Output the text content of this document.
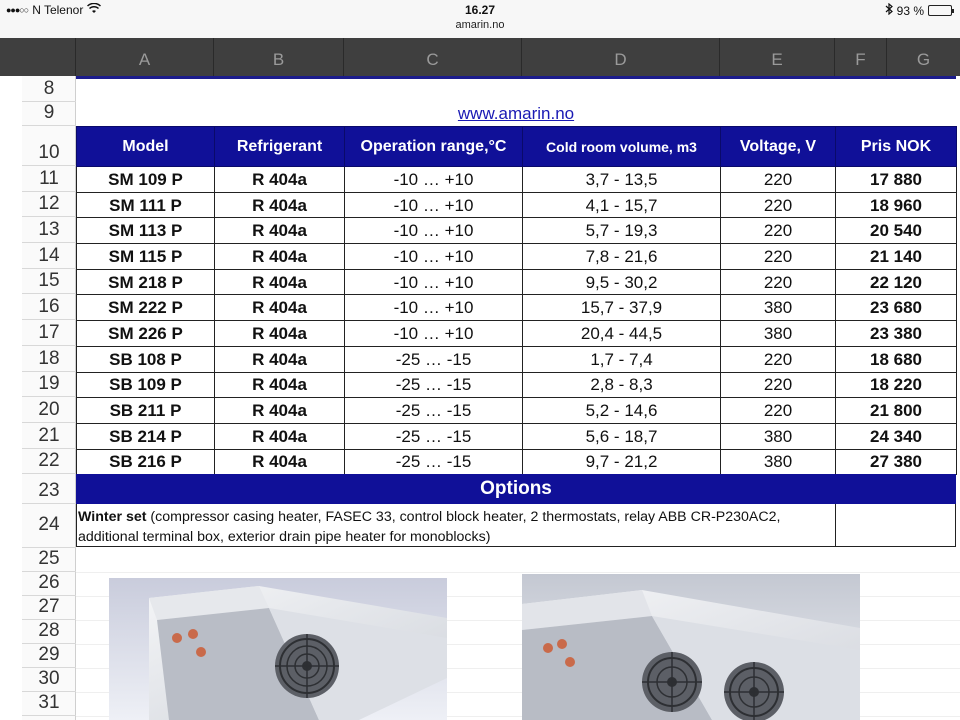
●●●○○ N Telenor	16.27
amarin.no
93 %
A	B	C	D	E	F	G
8
9
10
11
12
13
14
15
16
17
18
19
20
21
22
23
24
25
26
27
28
29
30
31
www.amarin.no
Model	Refrigerant	Operation range,°C	Cold room volume, m3	Voltage, V	Pris NOK
SM 109 P	R 404a	-10 … +10	3,7 - 13,5	220	17 880
SM 111 P	R 404a	-10 … +10	4,1 - 15,7	220	18 960
SM 113 P	R 404a	-10 … +10	5,7 - 19,3	220	20 540
SM 115 P	R 404a	-10 … +10	7,8 - 21,6	220	21 140
SM 218 P	R 404a	-10 … +10	9,5 - 30,2	220	22 120
SM 222 P	R 404a	-10 … +10	15,7 - 37,9	380	23 680
SM 226 P	R 404a	-10 … +10	20,4 - 44,5	380	23 380
SB 108 P	R 404a	-25 … -15	1,7 - 7,4	220	18 680
SB 109 P	R 404a	-25 … -15	2,8 - 8,3	220	18 220
SB 211 P	R 404a	-25 … -15	5,2 - 14,6	220	21 800
SB 214 P	R 404a	-25 … -15	5,6 - 18,7	380	24 340
SB 216 P	R 404a	-25 … -15	9,7 - 21,2	380	27 380
Options
Winter set (compressor casing heater, FASEC 33, control block heater, 2 thermostats, relay ABB CR-P230AC2, additional terminal box, exterior drain pipe heater for monoblocks)
